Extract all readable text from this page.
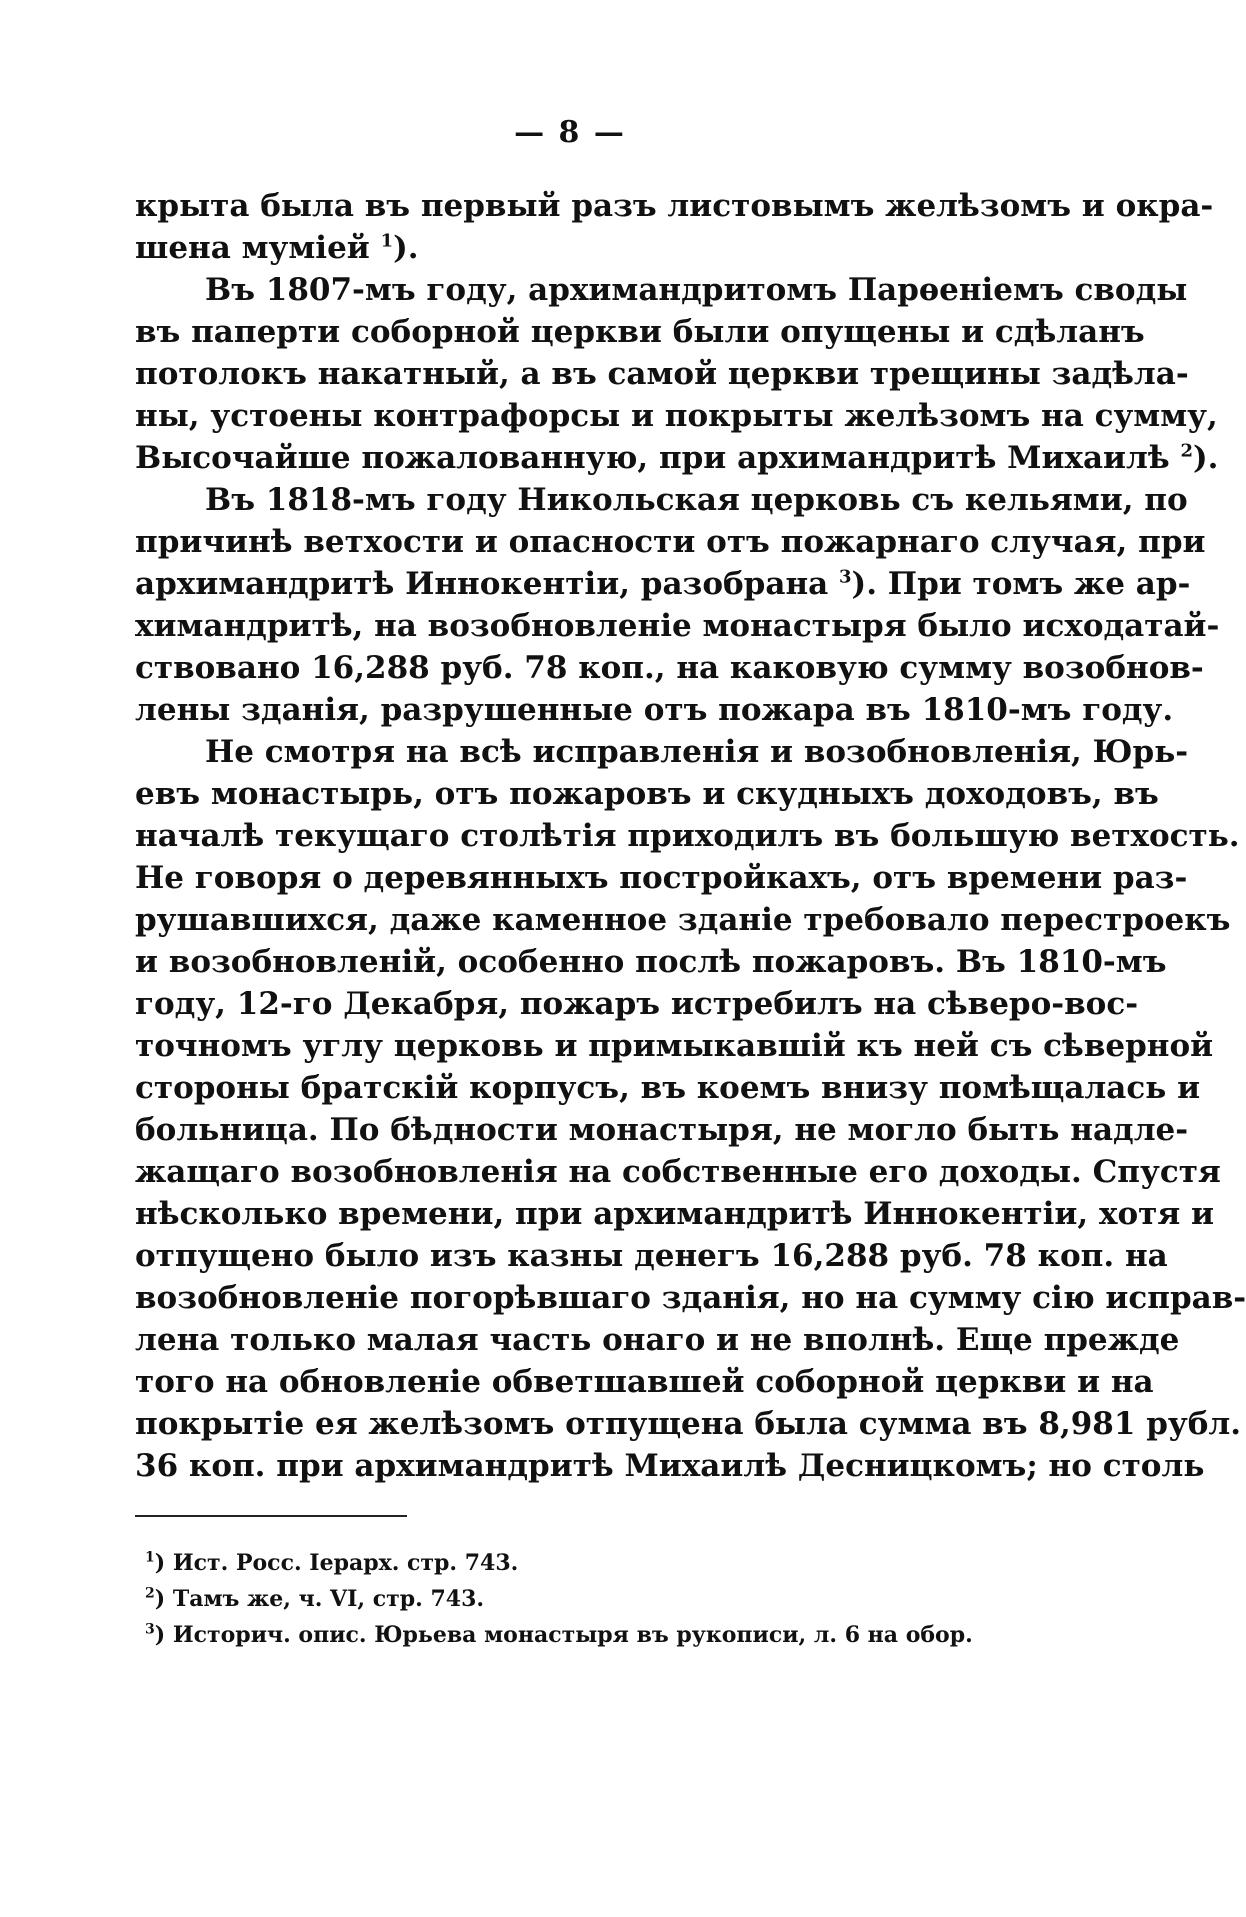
— 8 —
крыта была въ первый разъ листовымъ желѣзомъ и окра-
шена муміей $^1$).
Въ 1807-мъ году, архимандритомъ Парѳеніемъ своды
въ паперти соборной церкви были опущены и сдѣланъ
потолокъ накатный, а въ самой церкви трещины задѣла-
ны, устоены контрафорсы и покрыты желѣзомъ на сумму,
Высочайше пожалованную, при архимандритѣ Михаилѣ $^2$).
Въ 1818-мъ году Никольская церковь съ кельями, по
причинѣ ветхости и опасности отъ пожарнаго случая, при
архимандритѣ Иннокентіи, разобрана $^3$). При томъ же ар-
химандритѣ, на возобновленіе монастыря было исходатай-
ствовано 16,288 руб. 78 коп., на каковую сумму возобнов-
лены зданія, разрушенные отъ пожара въ 1810-мъ году.
Не смотря на всѣ исправленія и возобновленія, Юрь-
евъ монастырь, отъ пожаровъ и скудныхъ доходовъ, въ
началѣ текущаго столѣтія приходилъ въ большую ветхость.
Не говоря о деревянныхъ постройкахъ, отъ времени раз-
рушавшихся, даже каменное зданіе требовало перестроекъ
и возобновленій, особенно послѣ пожаровъ. Въ 1810-мъ
году, 12-го Декабря, пожаръ истребилъ на сѣверо-вос-
точномъ углу церковь и примыкавшій къ ней съ сѣверной
стороны братскій корпусъ, въ коемъ внизу помѣщалась и
больница. По бѣдности монастыря, не могло быть надле-
жащаго возобновленія на собственные его доходы. Спустя
нѣсколько времени, при архимандритѣ Иннокентіи, хотя и
отпущено было изъ казны денегъ 16,288 руб. 78 коп. на
возобновленіе погорѣвшаго зданія, но на сумму сію исправ-
лена только малая часть онаго и не вполнѣ. Еще прежде
того на обновленіе обветшавшей соборной церкви и на
покрытіе ея желѣзомъ отпущена была сумма въ 8,981 рубл.
36 коп. при архимандритѣ Михаилѣ Десницкомъ; но столь
$^1$) Ист. Росс. Іерарх. стр. 743.
$^2$) Тамъ же, ч. VI, стр. 743.
$^3$) Историч. опис. Юрьева монастыря въ рукописи, л. 6 на обор.
